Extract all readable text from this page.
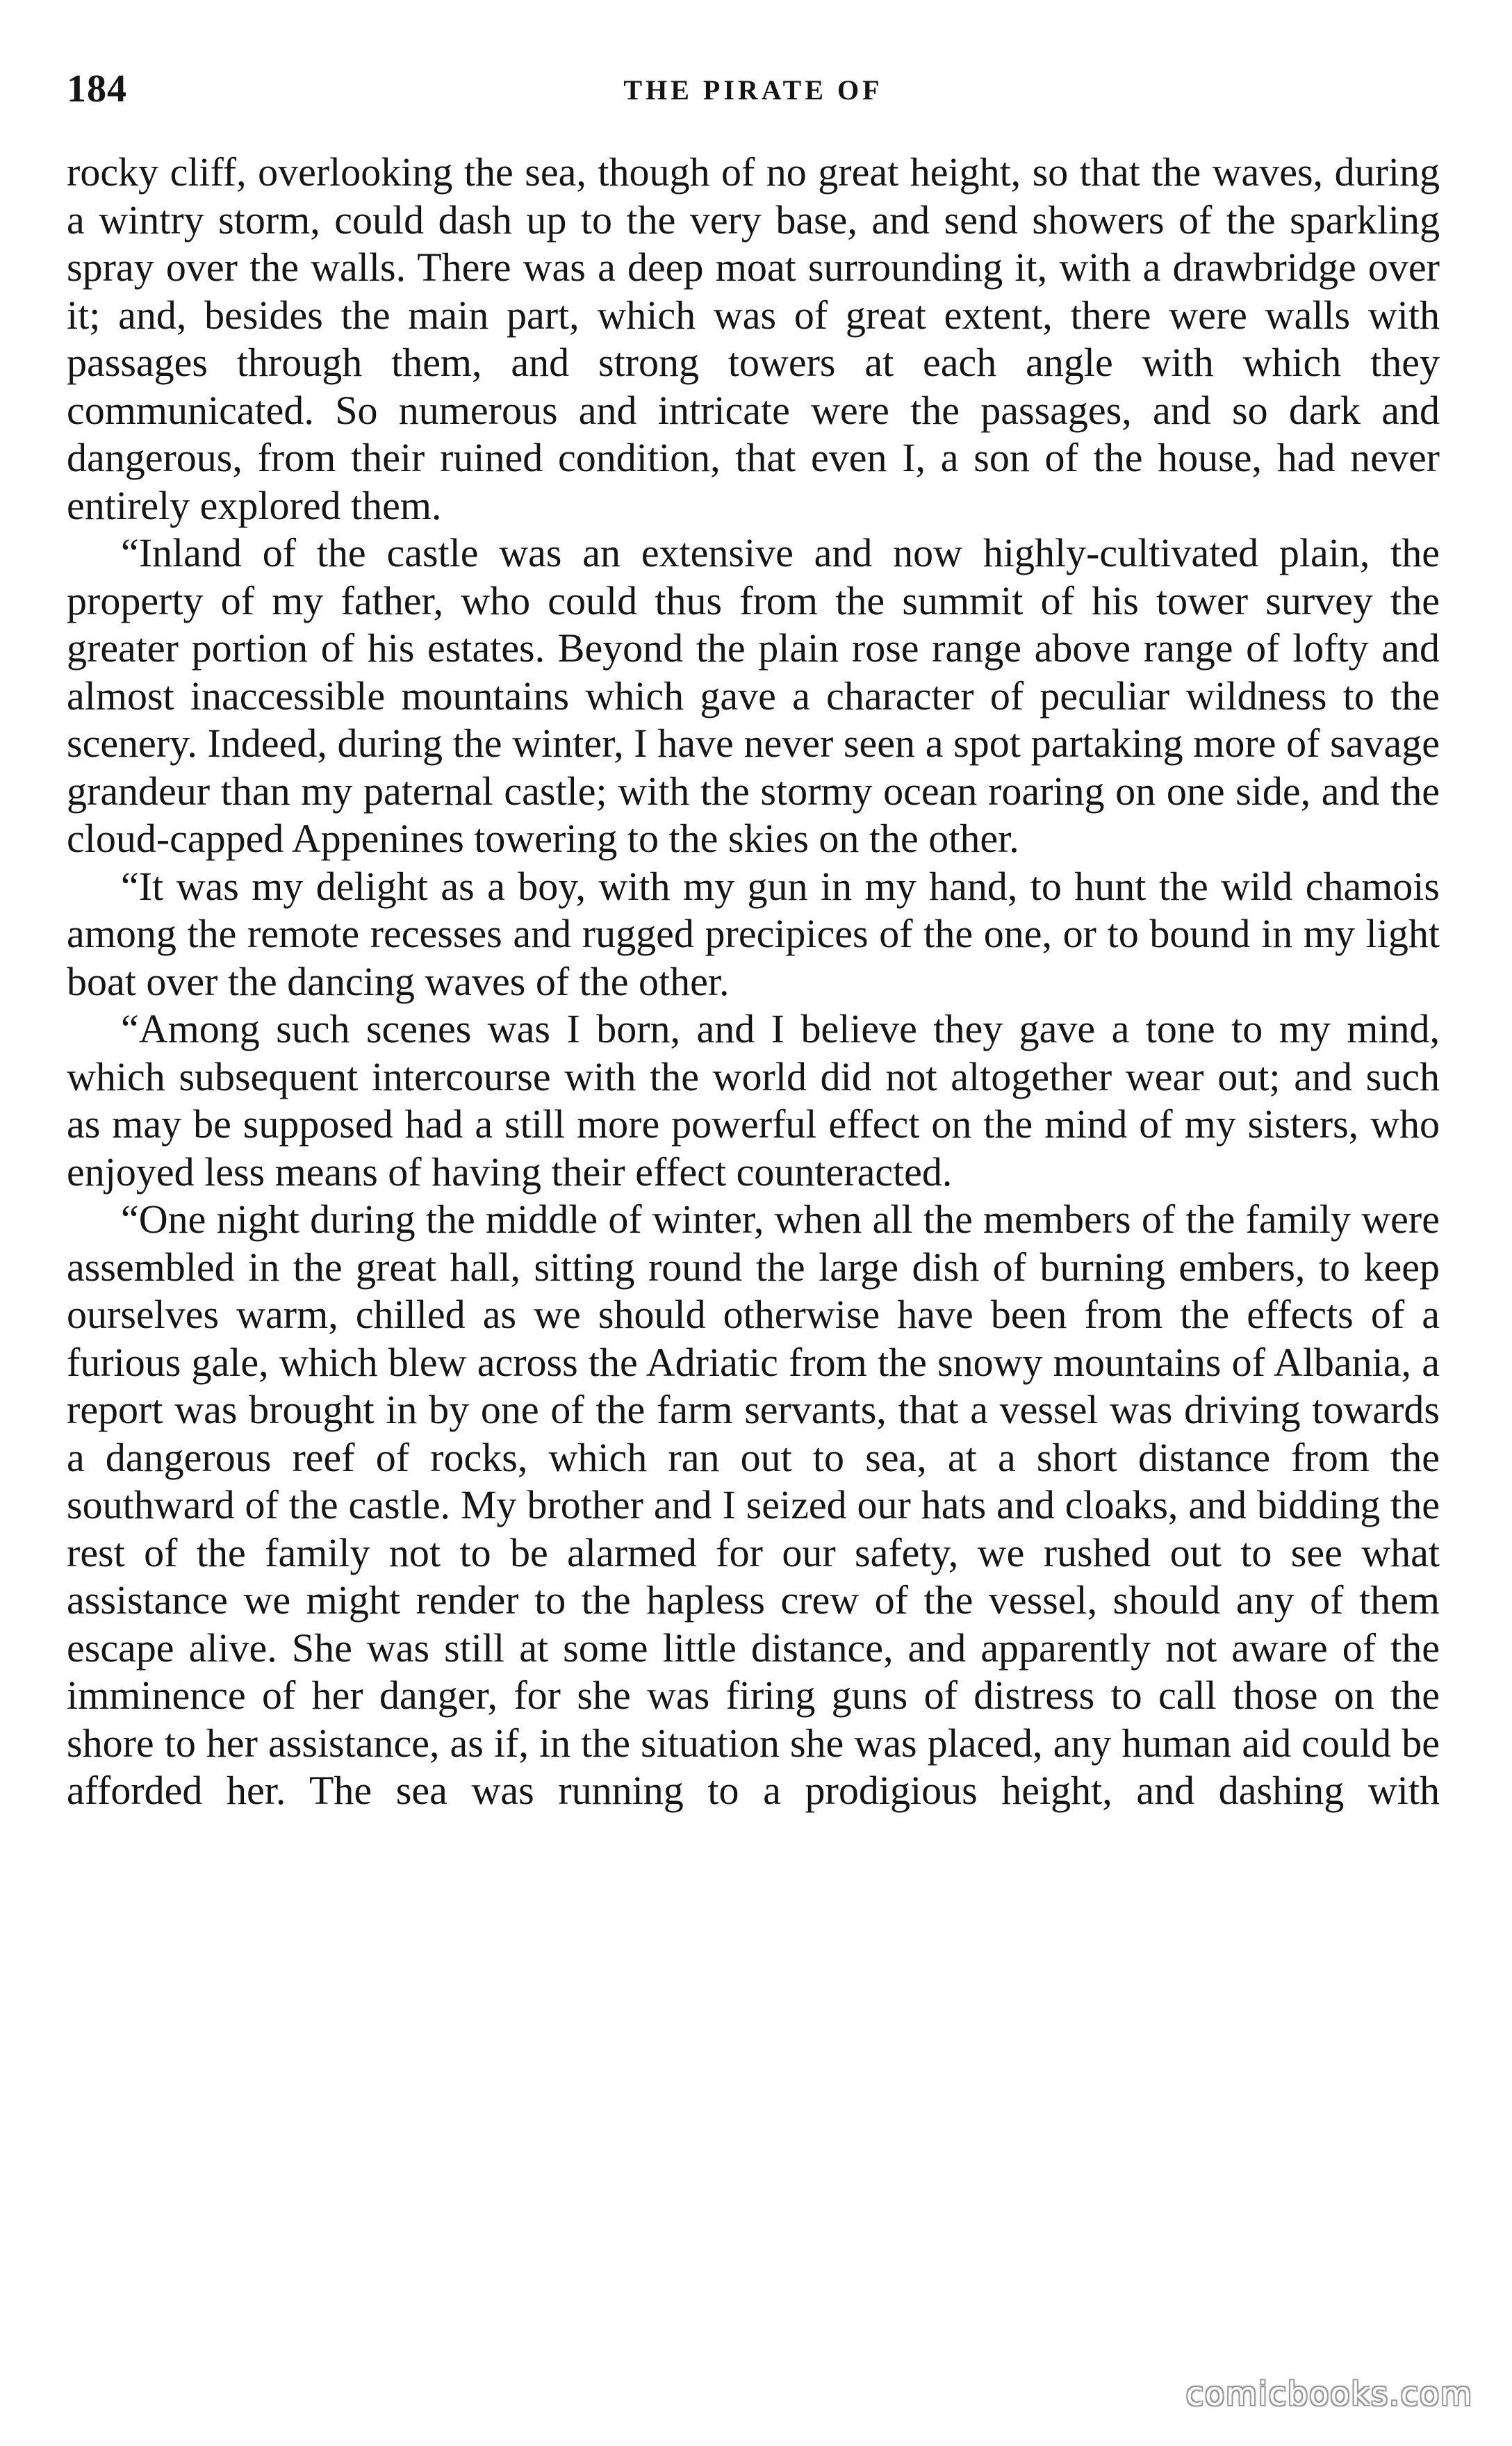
184	THE PIRATE OF

rocky cliff, overlooking the sea, though of no great height, so that the waves, during a wintry storm, could dash up to the very base, and send showers of the sparkling spray over the walls. There was a deep moat surrounding it, with a drawbridge over it; and, besides the main part, which was of great extent, there were walls with passages through them, and strong towers at each angle with which they communicated. So numerous and intricate were the passages, and so dark and dangerous, from their ruined condition, that even I, a son of the house, had never entirely explored them.

“Inland of the castle was an extensive and now highly-cultivated plain, the property of my father, who could thus from the summit of his tower survey the greater portion of his estates. Beyond the plain rose range above range of lofty and almost inaccessible mountains which gave a character of peculiar wildness to the scenery. Indeed, during the winter, I have never seen a spot partaking more of savage grandeur than my paternal castle; with the stormy ocean roaring on one side, and the cloud-capped Appenines towering to the skies on the other.

“It was my delight as a boy, with my gun in my hand, to hunt the wild chamois among the remote recesses and rugged precipices of the one, or to bound in my light boat over the dancing waves of the other.

“Among such scenes was I born, and I believe they gave a tone to my mind, which subsequent intercourse with the world did not altogether wear out; and such as may be supposed had a still more powerful effect on the mind of my sisters, who enjoyed less means of having their effect counteracted.

“One night during the middle of winter, when all the members of the family were assembled in the great hall, sitting round the large dish of burning embers, to keep ourselves warm, chilled as we should otherwise have been from the effects of a furious gale, which blew across the Adriatic from the snowy mountains of Albania, a report was brought in by one of the farm servants, that a vessel was driving towards a dangerous reef of rocks, which ran out to sea, at a short distance from the southward of the castle. My brother and I seized our hats and cloaks, and bidding the rest of the family not to be alarmed for our safety, we rushed out to see what assistance we might render to the hapless crew of the vessel, should any of them escape alive. She was still at some little distance, and apparently not aware of the imminence of her danger, for she was firing guns of distress to call those on the shore to her assistance, as if, in the situation she was placed, any human aid could be afforded her. The sea was running to a prodigious height, and dashing with

comicbooks.com
